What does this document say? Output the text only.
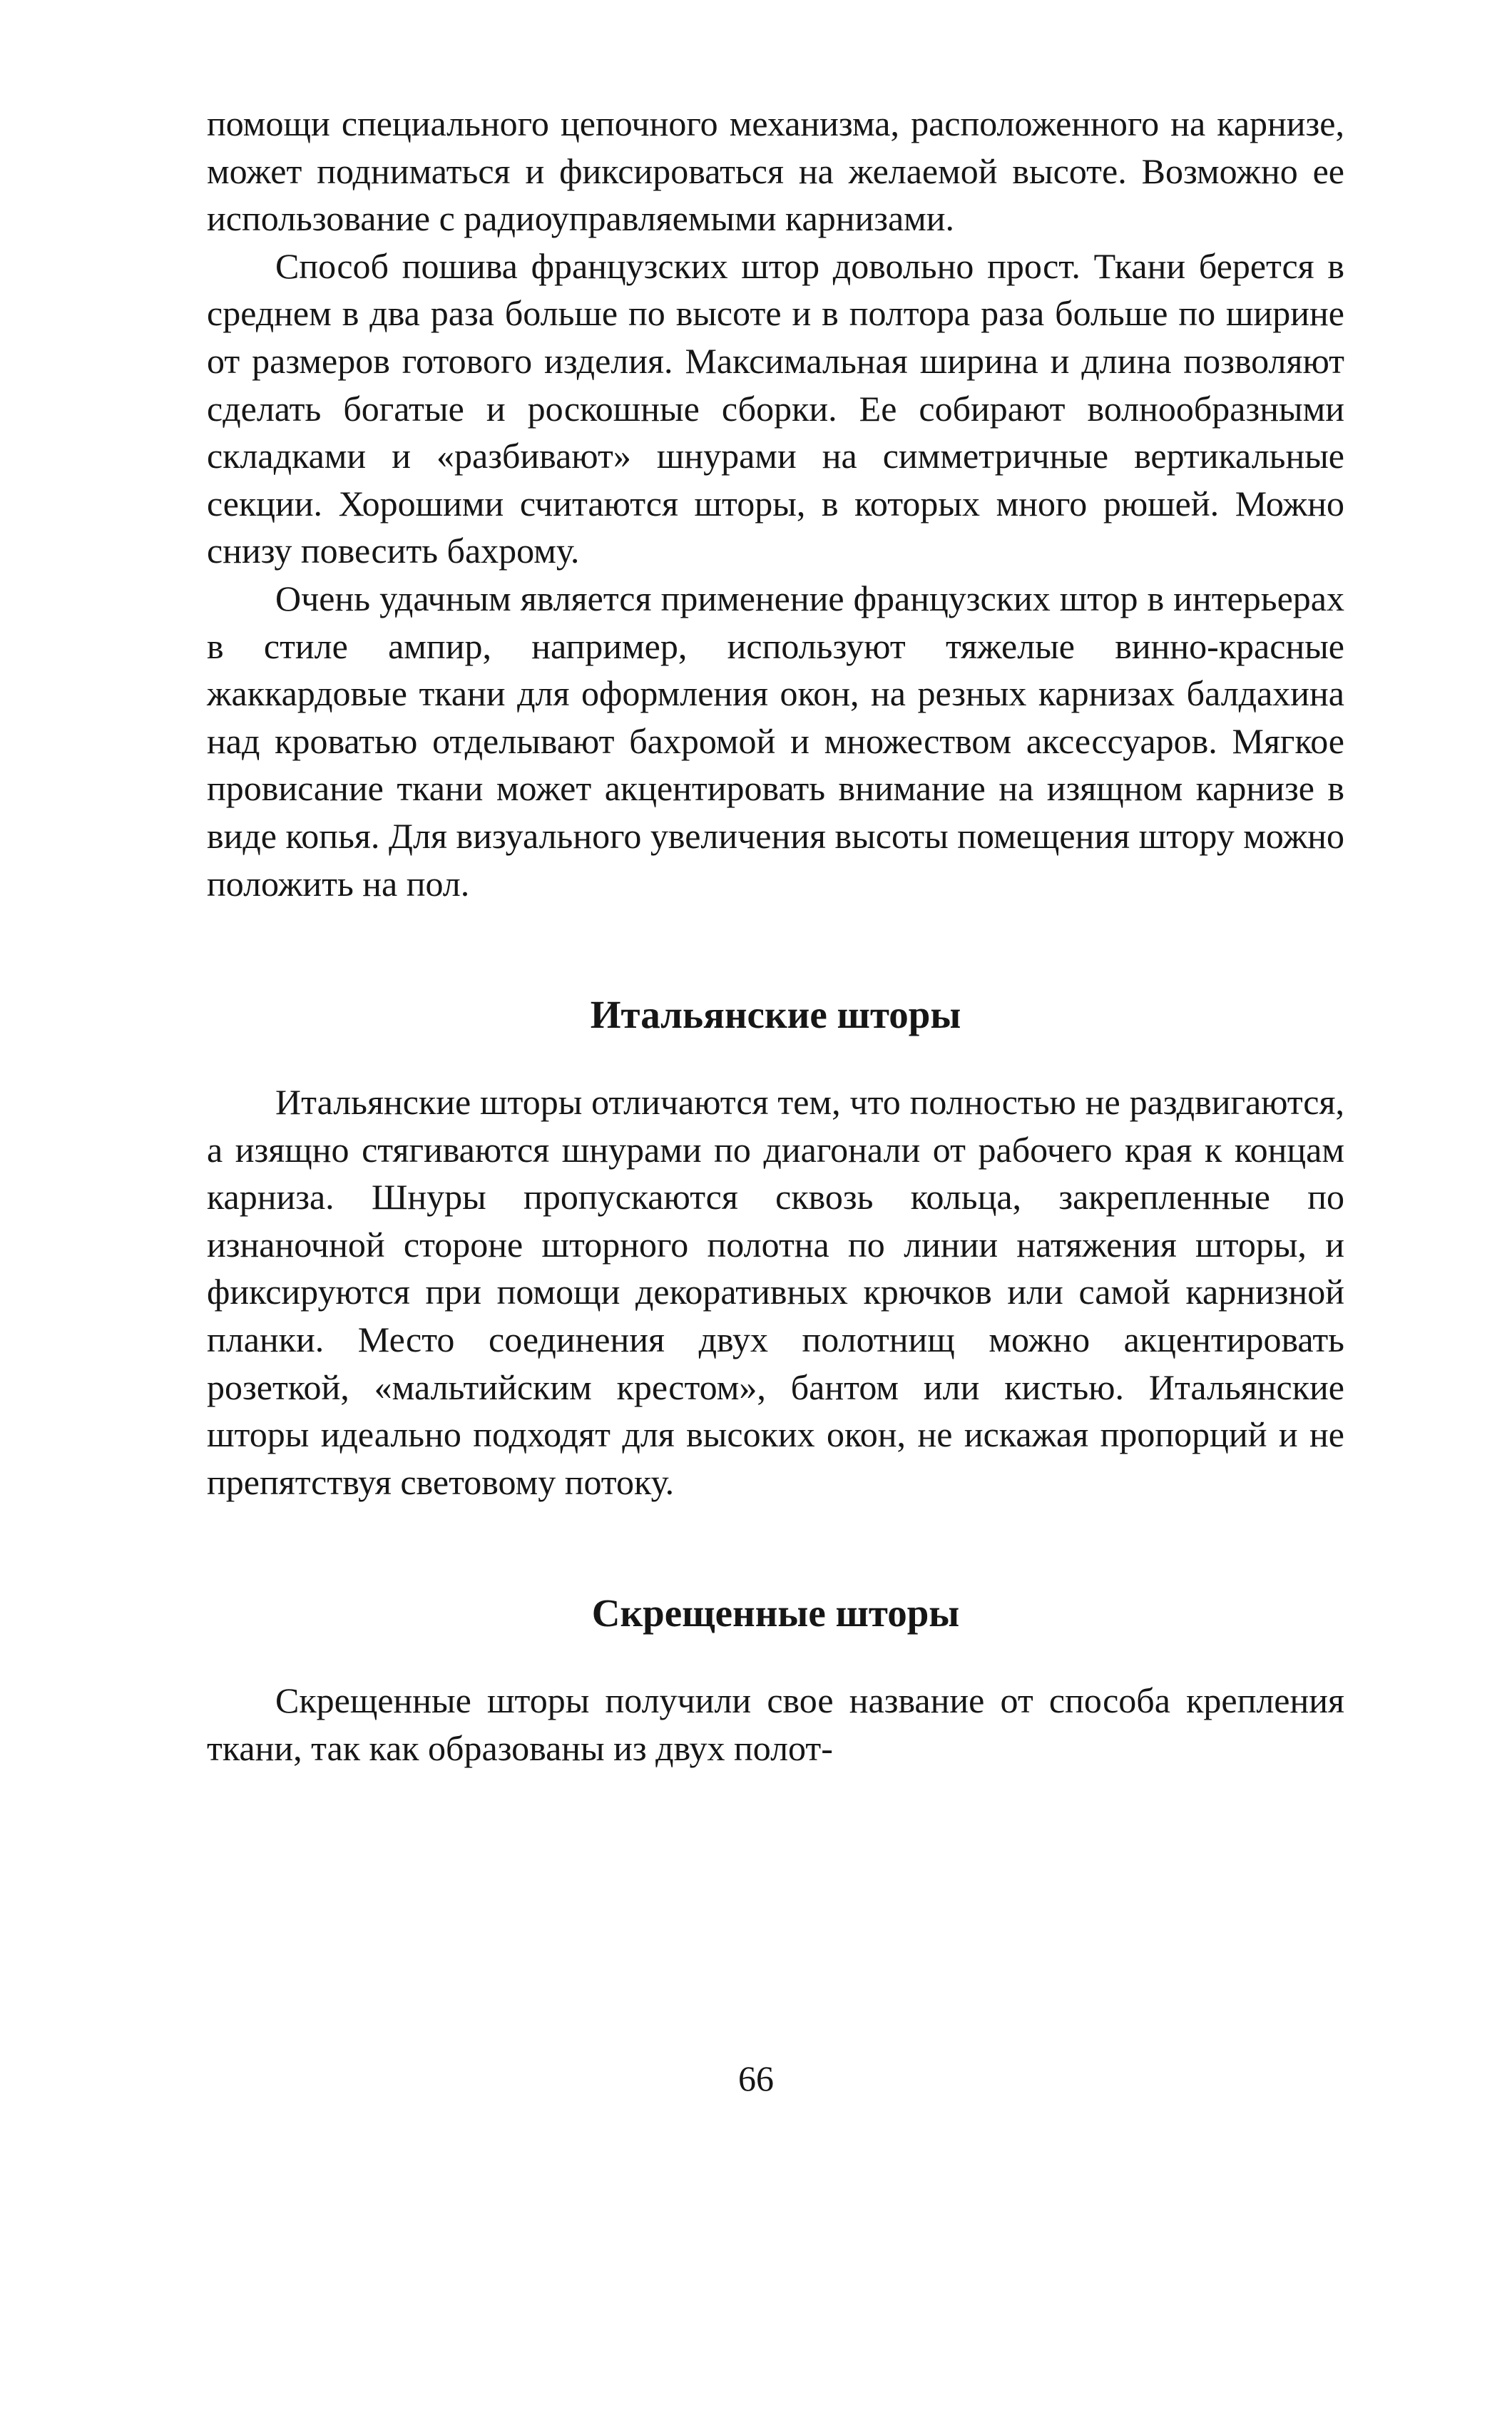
помощи специального цепочного механизма, расположенного на карнизе, может подниматься и фиксироваться на желаемой высоте. Возможно ее использование с радиоуправляемыми карнизами.

Способ пошива французских штор довольно прост. Ткани берется в среднем в два раза больше по высоте и в полтора раза больше по ширине от размеров готового изделия. Максимальная ширина и длина позволяют сделать богатые и роскошные сборки. Ее собирают волнообразными складками и «разбивают» шнурами на симметричные вертикальные секции. Хорошими считаются шторы, в которых много рюшей. Можно снизу повесить бахрому.

Очень удачным является применение французских штор в интерьерах в стиле ампир, например, используют тяжелые винно-красные жаккардовые ткани для оформления окон, на резных карнизах балдахина над кроватью отделывают бахромой и множеством аксессуаров. Мягкое провисание ткани может акцентировать внимание на изящном карнизе в виде копья. Для визуального увеличения высоты помещения штору можно положить на пол.

Итальянские шторы

Итальянские шторы отличаются тем, что полностью не раздвигаются, а изящно стягиваются шнурами по диагонали от рабочего края к концам карниза. Шнуры пропускаются сквозь кольца, закрепленные по изнаночной стороне шторного полотна по линии натяжения шторы, и фиксируются при помощи декоративных крючков или самой карнизной планки. Место соединения двух полотнищ можно акцентировать розеткой, «мальтийским крестом», бантом или кистью. Итальянские шторы идеально подходят для высоких окон, не искажая пропорций и не препятствуя световому потоку.

Скрещенные шторы

Скрещенные шторы получили свое название от способа крепления ткани, так как образованы из двух полот-

66
